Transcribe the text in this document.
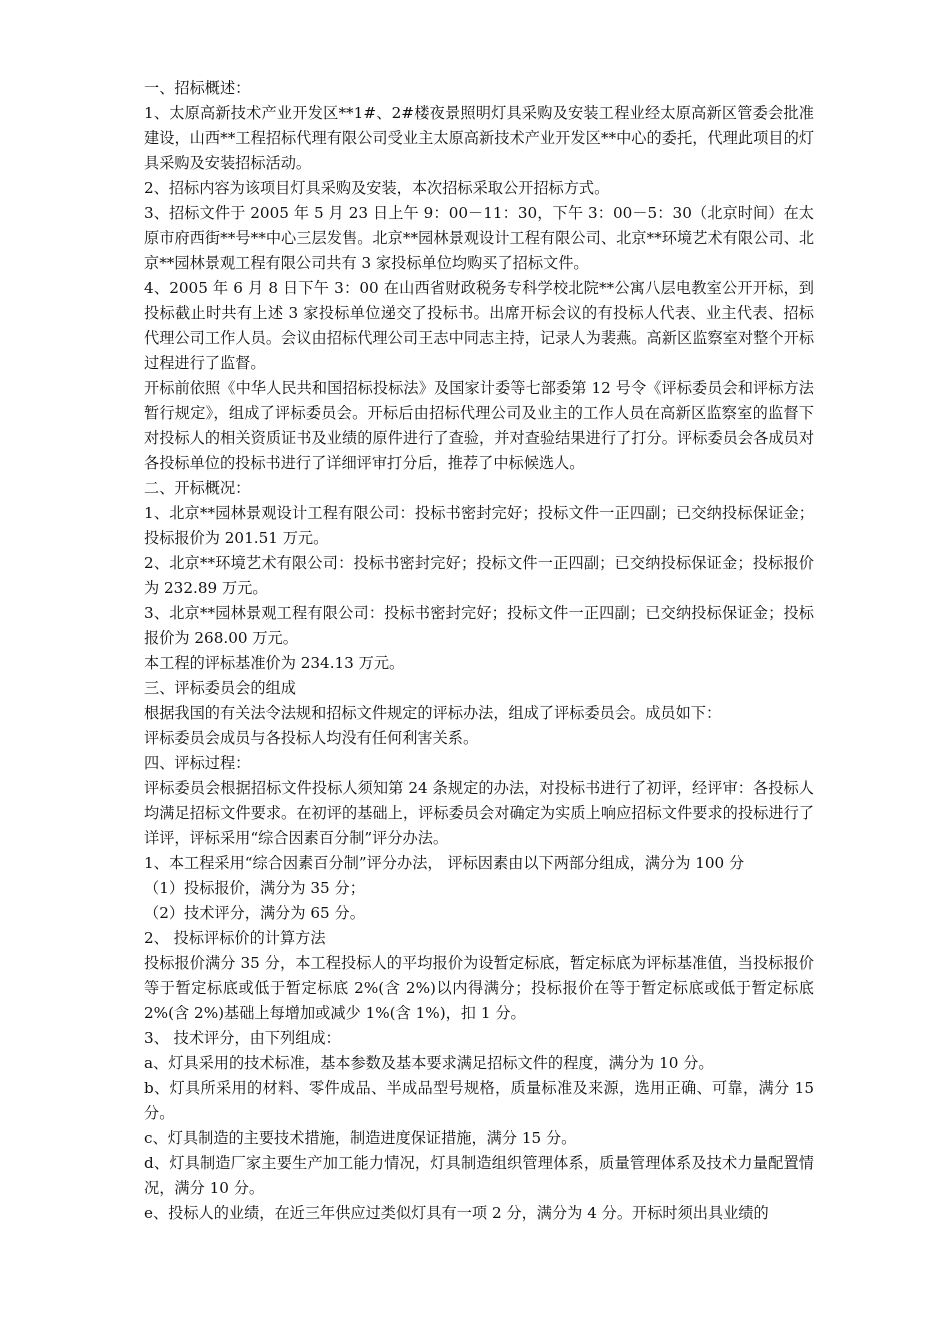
一、招标概述：

1、太原高新技术产业开发区**1#、2#楼夜景照明灯具采购及安装工程业经太原高新区管委会批准建设，山西**工程招标代理有限公司受业主太原高新技术产业开发区**中心的委托，代理此项目的灯具采购及安装招标活动。

2、招标内容为该项目灯具采购及安装，本次招标采取公开招标方式。

3、招标文件于 2005 年 5 月 23 日上午 9：00－11：30，下午 3：00－5：30（北京时间）在太原市府西街**号**中心三层发售。北京**园林景观设计工程有限公司、北京**环境艺术有限公司、北京**园林景观工程有限公司共有 3 家投标单位均购买了招标文件。

4、2005 年 6 月 8 日下午 3：00 在山西省财政税务专科学校北院**公寓八层电教室公开开标，到投标截止时共有上述 3 家投标单位递交了投标书。出席开标会议的有投标人代表、业主代表、招标代理公司工作人员。会议由招标代理公司王志中同志主持，记录人为裴燕。高新区监察室对整个开标过程进行了监督。

开标前依照《中华人民共和国招标投标法》及国家计委等七部委第 12 号令《评标委员会和评标方法暂行规定》，组成了评标委员会。开标后由招标代理公司及业主的工作人员在高新区监察室的监督下对投标人的相关资质证书及业绩的原件进行了查验，并对查验结果进行了打分。评标委员会各成员对各投标单位的投标书进行了详细评审打分后，推荐了中标候选人。

二、开标概况：

1、北京**园林景观设计工程有限公司：投标书密封完好；投标文件一正四副；已交纳投标保证金；投标报价为 201.51 万元。

2、北京**环境艺术有限公司：投标书密封完好；投标文件一正四副；已交纳投标保证金；投标报价为 232.89 万元。

3、北京**园林景观工程有限公司：投标书密封完好；投标文件一正四副；已交纳投标保证金；投标报价为 268.00 万元。

本工程的评标基准价为 234.13 万元。

三、评标委员会的组成

根据我国的有关法令法规和招标文件规定的评标办法，组成了评标委员会。成员如下：

评标委员会成员与各投标人均没有任何利害关系。

四、评标过程：

评标委员会根据招标文件投标人须知第 24 条规定的办法，对投标书进行了初评，经评审：各投标人均满足招标文件要求。在初评的基础上，评标委员会对确定为实质上响应招标文件要求的投标进行了详评，评标采用“综合因素百分制”评分办法。

1、本工程采用“综合因素百分制”评分办法， 评标因素由以下两部分组成，满分为 100 分

（1）投标报价，满分为 35 分；

（2）技术评分，满分为 65 分。

2、 投标评标价的计算方法

投标报价满分 35 分，本工程投标人的平均报价为设暂定标底，暂定标底为评标基准值，当投标报价等于暂定标底或低于暂定标底 2%(含 2%)以内得满分；投标报价在等于暂定标底或低于暂定标底 2%(含 2%)基础上每增加或减少 1%(含 1%)，扣 1 分。

3、 技术评分，由下列组成：

a、灯具采用的技术标准，基本参数及基本要求满足招标文件的程度，满分为 10 分。

b、灯具所采用的材料、零件成品、半成品型号规格，质量标准及来源，选用正确、可靠，满分 15 分。

c、灯具制造的主要技术措施，制造进度保证措施，满分 15 分。

d、灯具制造厂家主要生产加工能力情况，灯具制造组织管理体系，质量管理体系及技术力量配置情况，满分 10 分。

e、投标人的业绩，在近三年供应过类似灯具有一项 2 分，满分为 4 分。开标时须出具业绩的
